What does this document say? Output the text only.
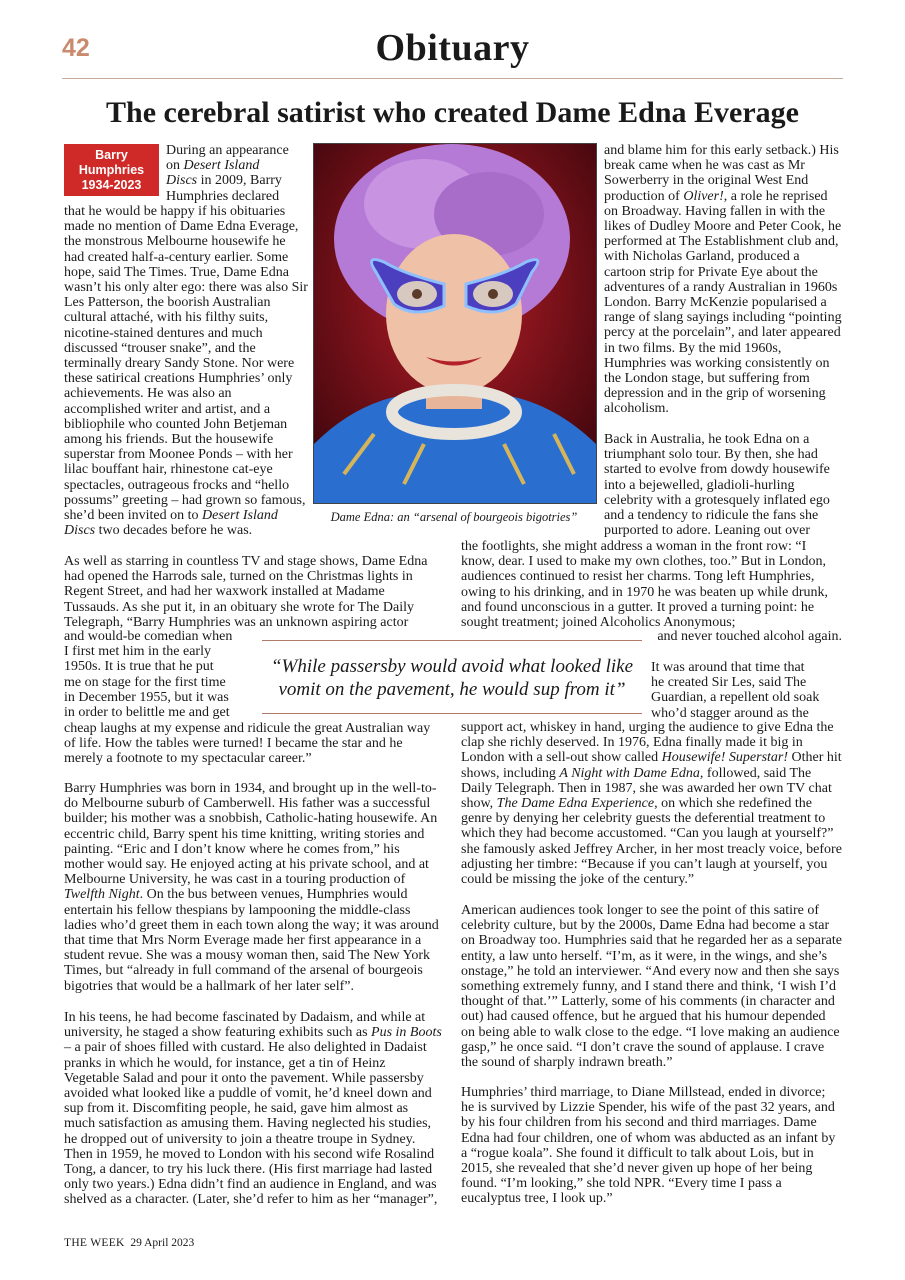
42	Obituary
The cerebral satirist who created Dame Edna Everage
Barry Humphries
1934-2023
During an appearance
on Desert Island
Discs in 2009, Barry
Humphries declared
that he would be happy if his obituaries made no mention of Dame Edna Everage, the monstrous Melbourne housewife he had created half-a-century earlier. Some hope, said The Times. True, Dame Edna wasn’t his only alter ego: there was also Sir Les Patterson, the boorish Australian cultural attaché, with his filthy suits, nicotine-stained dentures and much discussed “trouser snake”, and the terminally dreary Sandy Stone. Nor were these satirical creations Humphries’ only achievements. He was also an accomplished writer and artist, and a bibliophile who counted John Betjeman among his friends. But the housewife superstar from Moonee Ponds – with her lilac bouffant hair, rhinestone cat-eye spectacles, outrageous frocks and “hello possums” greeting – had grown so famous, she’d been invited on to Desert Island Discs two decades before he was.
Dame Edna: an “arsenal of bourgeois bigotries”
As well as starring in countless TV and stage shows, Dame Edna had opened the Harrods sale, turned on the Christmas lights in Regent Street, and had her waxwork installed at Madame Tussauds. As she put it, in an obituary she wrote for The Daily Telegraph, “Barry Humphries was an unknown aspiring actor
and would-be comedian when
I first met him in the early
1950s. It is true that he put
me on stage for the first time
in December 1955, but it was
in order to belittle me and get
“While passersby would avoid what looked like vomit on the pavement, he would sup from it”
cheap laughs at my expense and ridicule the great Australian way of life. How the tables were turned! I became the star and he merely a footnote to my spectacular career.”
Barry Humphries was born in 1934, and brought up in the well-to-do Melbourne suburb of Camberwell. His father was a successful builder; his mother was a snobbish, Catholic-hating housewife. An eccentric child, Barry spent his time knitting, writing stories and painting. “Eric and I don’t know where he comes from,” his mother would say. He enjoyed acting at his private school, and at Melbourne University, he was cast in a touring production of Twelfth Night. On the bus between venues, Humphries would entertain his fellow thespians by lampooning the middle-class ladies who’d greet them in each town along the way; it was around that time that Mrs Norm Everage made her first appearance in a student revue. She was a mousy woman then, said The New York Times, but “already in full command of the arsenal of bourgeois bigotries that would be a hallmark of her later self”.
In his teens, he had become fascinated by Dadaism, and while at university, he staged a show featuring exhibits such as Pus in Boots – a pair of shoes filled with custard. He also delighted in Dadaist pranks in which he would, for instance, get a tin of Heinz Vegetable Salad and pour it onto the pavement. While passersby avoided what looked like a puddle of vomit, he’d kneel down and sup from it. Discomfiting people, he said, gave him almost as much satisfaction as amusing them. Having neglected his studies, he dropped out of university to join a theatre troupe in Sydney. Then in 1959, he moved to London with his second wife Rosalind Tong, a dancer, to try his luck there. (His first marriage had lasted only two years.) Edna didn’t find an audience in England, and was shelved as a character. (Later, she’d refer to him as her “manager”,
and blame him for this early setback.) His break came when he was cast as Mr Sowerberry in the original West End production of Oliver!, a role he reprised on Broadway. Having fallen in with the likes of Dudley Moore and Peter Cook, he performed at The Establishment club and, with Nicholas Garland, produced a cartoon strip for Private Eye about the adventures of a randy Australian in 1960s London. Barry McKenzie popularised a range of slang sayings including “pointing percy at the porcelain”, and later appeared in two films. By the mid 1960s, Humphries was working consistently on the London stage, but suffering from depression and in the grip of worsening alcoholism.
Back in Australia, he took Edna on a triumphant solo tour. By then, she had started to evolve from dowdy housewife into a bejewelled, gladioli-hurling celebrity with a grotesquely inflated ego and a tendency to ridicule the fans she purported to adore. Leaning out over
the footlights, she might address a woman in the front row: “I know, dear. I used to make my own clothes, too.” But in London, audiences continued to resist her charms. Tong left Humphries, owing to his drinking, and in 1970 he was beaten up while drunk, and found unconscious in a gutter. It proved a turning point: he sought treatment; joined Alcoholics Anonymous;
and never touched alcohol again.
It was around that time that
he created Sir Les, said The
Guardian, a repellent old soak
who’d stagger around as the
support act, whiskey in hand, urging the audience to give Edna the clap she richly deserved. In 1976, Edna finally made it big in London with a sell-out show called Housewife! Superstar! Other hit shows, including A Night with Dame Edna, followed, said The Daily Telegraph. Then in 1987, she was awarded her own TV chat show, The Dame Edna Experience, on which she redefined the genre by denying her celebrity guests the deferential treatment to which they had become accustomed. “Can you laugh at yourself?” she famously asked Jeffrey Archer, in her most treacly voice, before adjusting her timbre: “Because if you can’t laugh at yourself, you could be missing the joke of the century.”
American audiences took longer to see the point of this satire of celebrity culture, but by the 2000s, Dame Edna had become a star on Broadway too. Humphries said that he regarded her as a separate entity, a law unto herself. “I’m, as it were, in the wings, and she’s onstage,” he told an interviewer. “And every now and then she says something extremely funny, and I stand there and think, ‘I wish I’d thought of that.’” Latterly, some of his comments (in character and out) had caused offence, but he argued that his humour depended on being able to walk close to the edge. “I love making an audience gasp,” he once said. “I don’t crave the sound of applause. I crave the sound of sharply indrawn breath.”
Humphries’ third marriage, to Diane Millstead, ended in divorce; he is survived by Lizzie Spender, his wife of the past 32 years, and by his four children from his second and third marriages. Dame Edna had four children, one of whom was abducted as an infant by a “rogue koala”. She found it difficult to talk about Lois, but in 2015, she revealed that she’d never given up hope of her being found. “I’m looking,” she told NPR. “Every time I pass a eucalyptus tree, I look up.”
THE WEEK 29 April 2023
